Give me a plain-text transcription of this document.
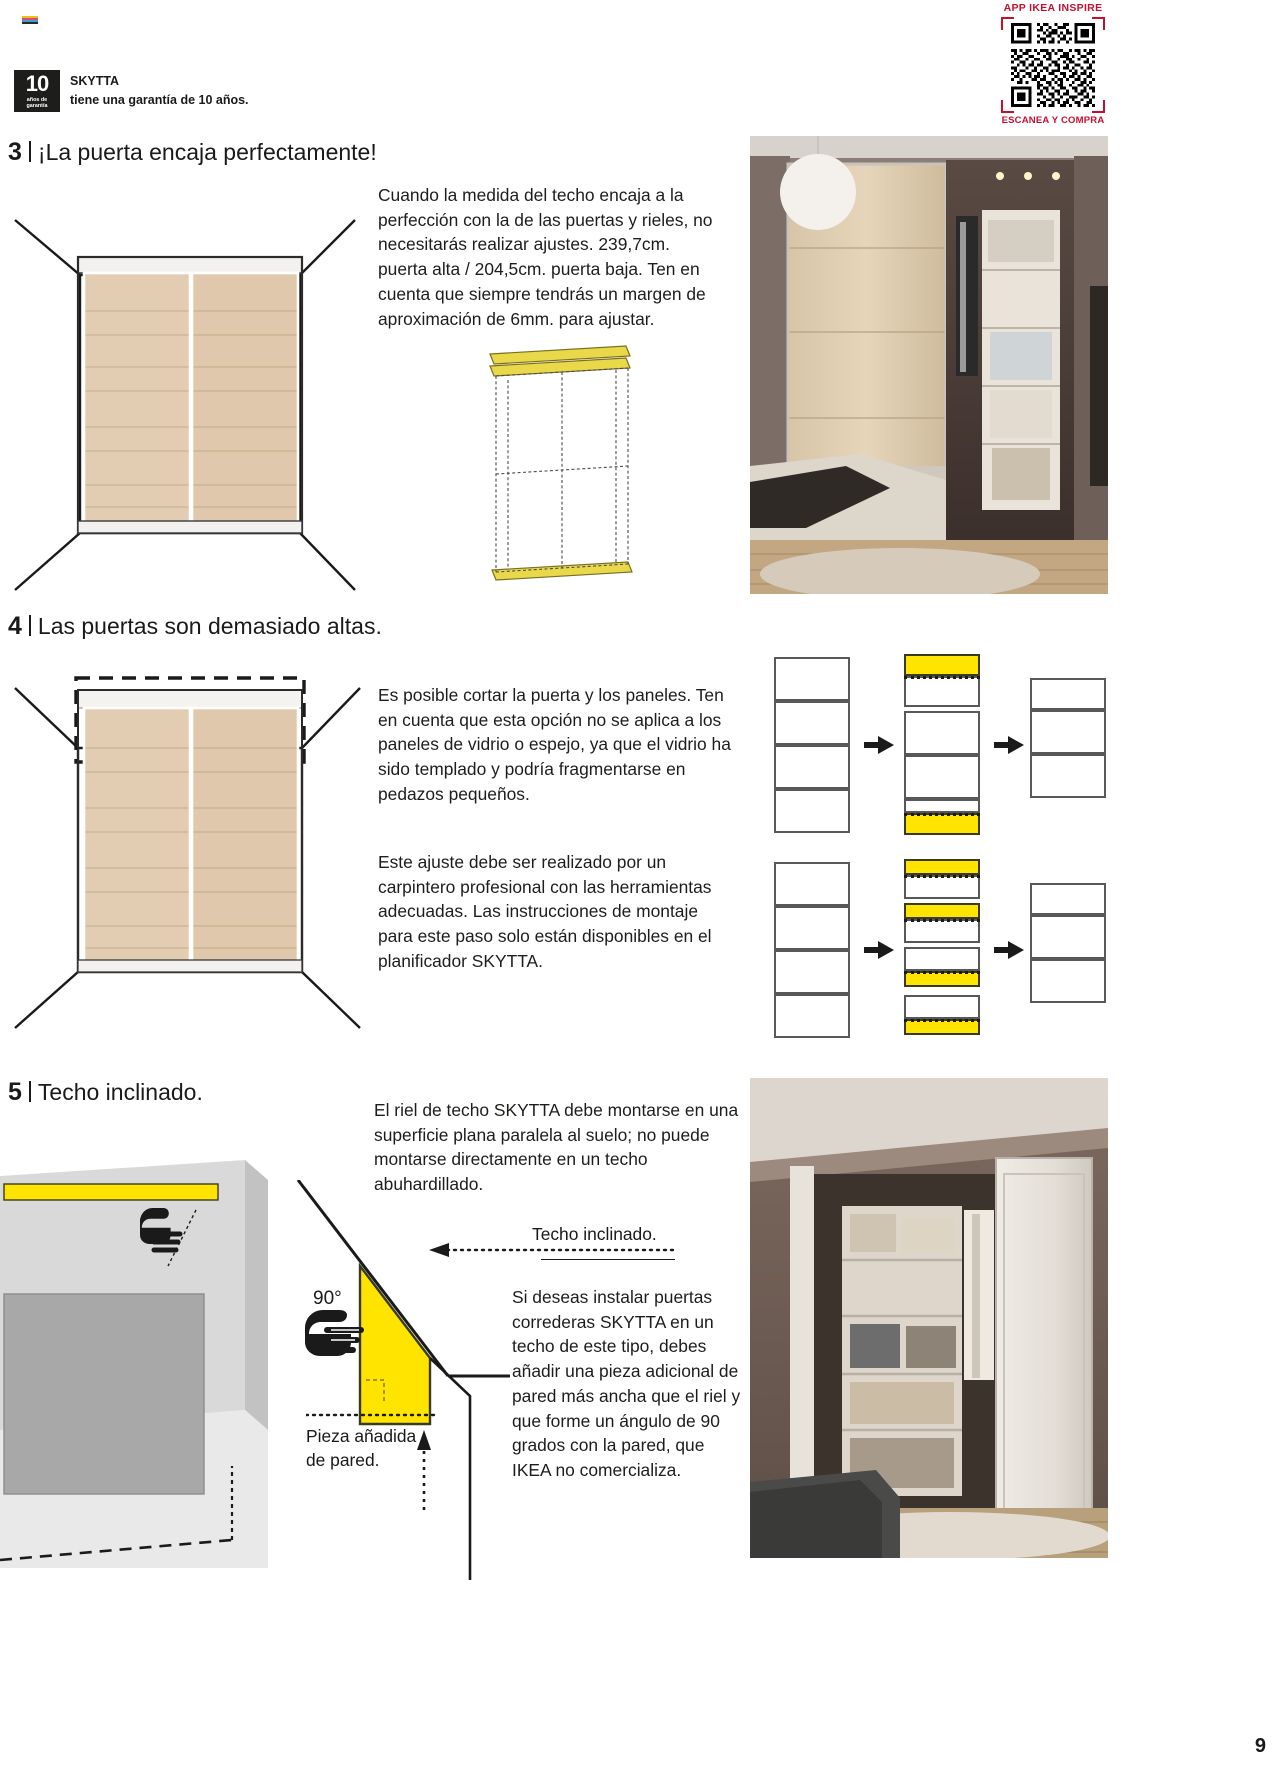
APP IKEA INSPIRE
ESCANEA Y COMPRA
10
años de
garantía
SKYTTA
tiene una garantía de 10 años.
3 ¡La puerta encaja perfectamente!
Cuando la medida del techo encaja a la perfección con la de las puertas y rieles, no necesitarás realizar ajustes. 239,7cm. puerta alta / 204,5cm. puerta baja. Ten en cuenta que siempre tendrás un margen de aproximación de 6mm. para ajustar.
4 Las puertas son demasiado altas.
Es posible cortar la puerta y los paneles. Ten en cuenta que esta opción no se aplica a los paneles de vidrio o espejo, ya que el vidrio ha sido templado y podría fragmentarse en pedazos pequeños.
Este ajuste debe ser realizado por un carpintero profesional con las herramientas adecuadas. Las instrucciones de montaje para este paso solo están disponibles en el planificador SKYTTA.
5 Techo inclinado.
El riel de techo SKYTTA debe montarse en una superficie plana paralela al suelo; no puede montarse directamente en un techo abuhardillado.
Si deseas instalar puertas correderas SKYTTA en un techo de este tipo, debes añadir una pieza adicional de pared más ancha que el riel y que forme un ángulo de 90 grados con la pared, que IKEA no comercializa.
90°
Techo inclinado.
Pieza añadida
de pared.
9
